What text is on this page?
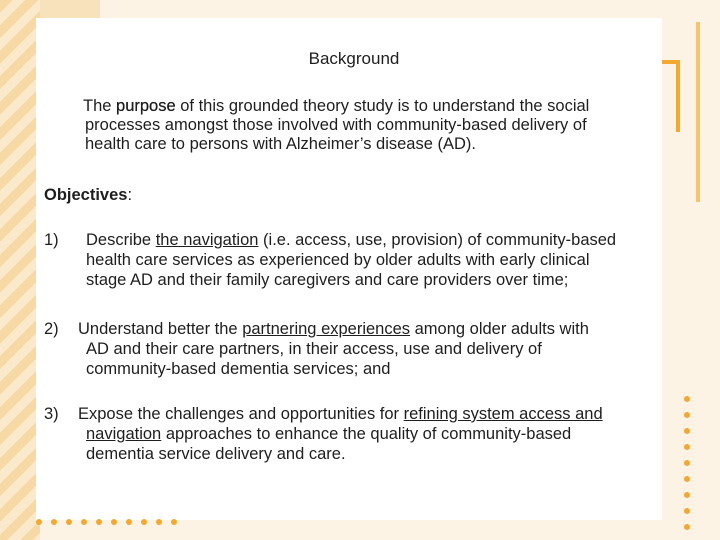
Background
The purpose of this grounded theory study is to understand the social
processes amongst those involved with community-based delivery of
health care to persons with Alzheimer’s disease (AD).
Objectives:
1) Describe the navigation (i.e. access, use, provision) of community-based
health care services as experienced by older adults with early clinical
stage AD and their family caregivers and care providers over time;
2) Understand better the partnering experiences among older adults with
AD and their care partners, in their access, use and delivery of
community-based dementia services; and
3) Expose the challenges and opportunities for refining system access and
navigation approaches to enhance the quality of community-based
dementia service delivery and care.
